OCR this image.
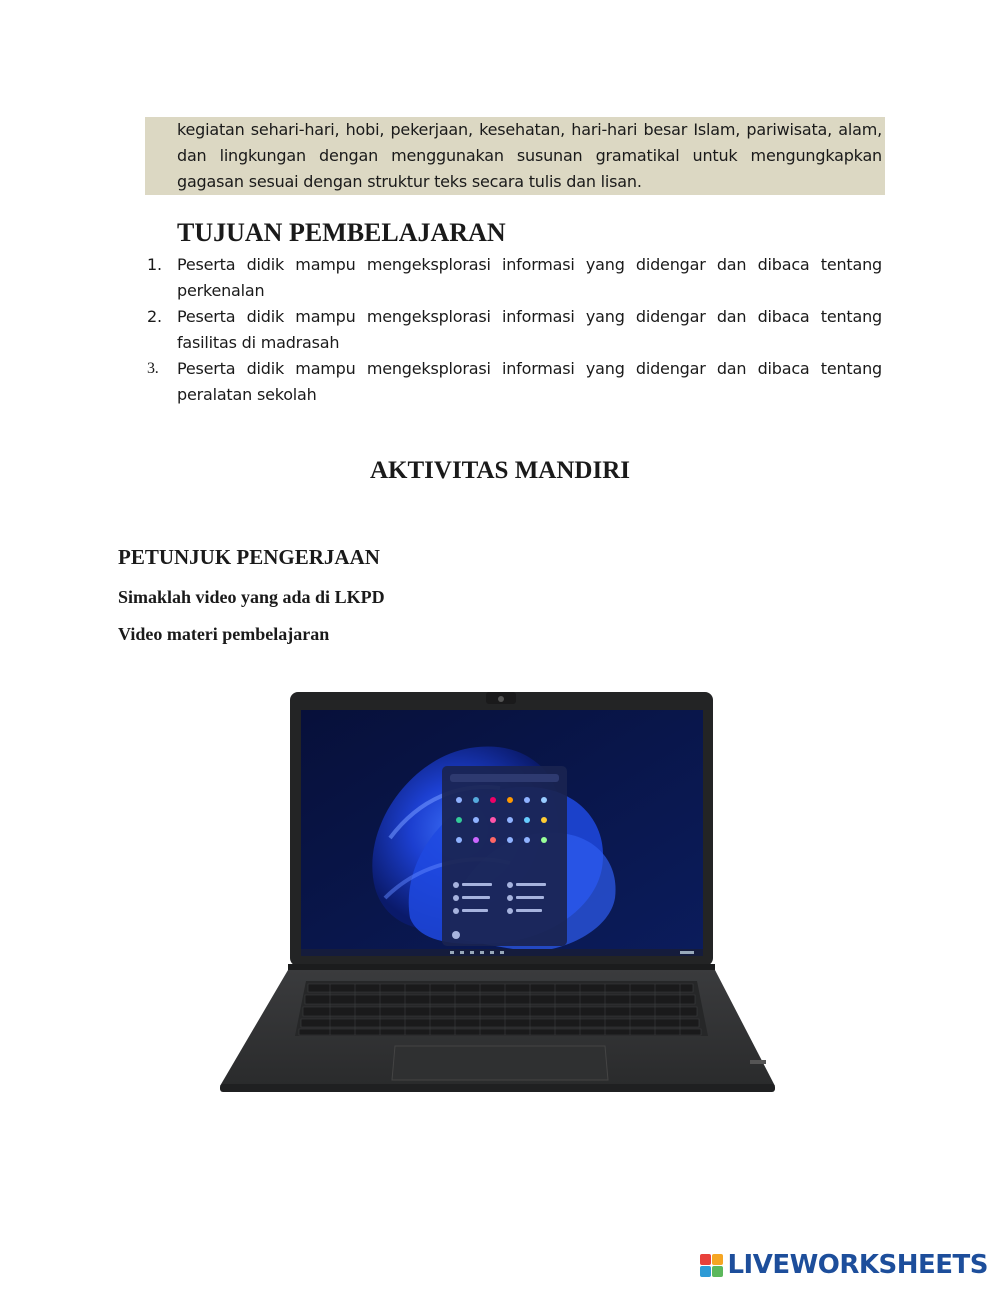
kegiatan sehari-hari, hobi, pekerjaan, kesehatan, hari-hari besar Islam, pariwisata, alam, dan lingkungan dengan menggunakan susunan gramatikal untuk mengungkapkan gagasan sesuai dengan struktur teks secara tulis dan lisan.

TUJUAN PEMBELAJARAN
1. Peserta didik mampu mengeksplorasi informasi yang didengar dan dibaca tentang perkenalan
2. Peserta didik mampu mengeksplorasi informasi yang didengar dan dibaca tentang fasilitas di madrasah
3. Peserta didik mampu mengeksplorasi informasi yang didengar dan dibaca tentang peralatan sekolah
AKTIVITAS MANDIRI
PETUNJUK PENGERJAAN

Simaklah video yang ada di LKPD

Video materi pembelajaran

LIVEWORKSHEETS
